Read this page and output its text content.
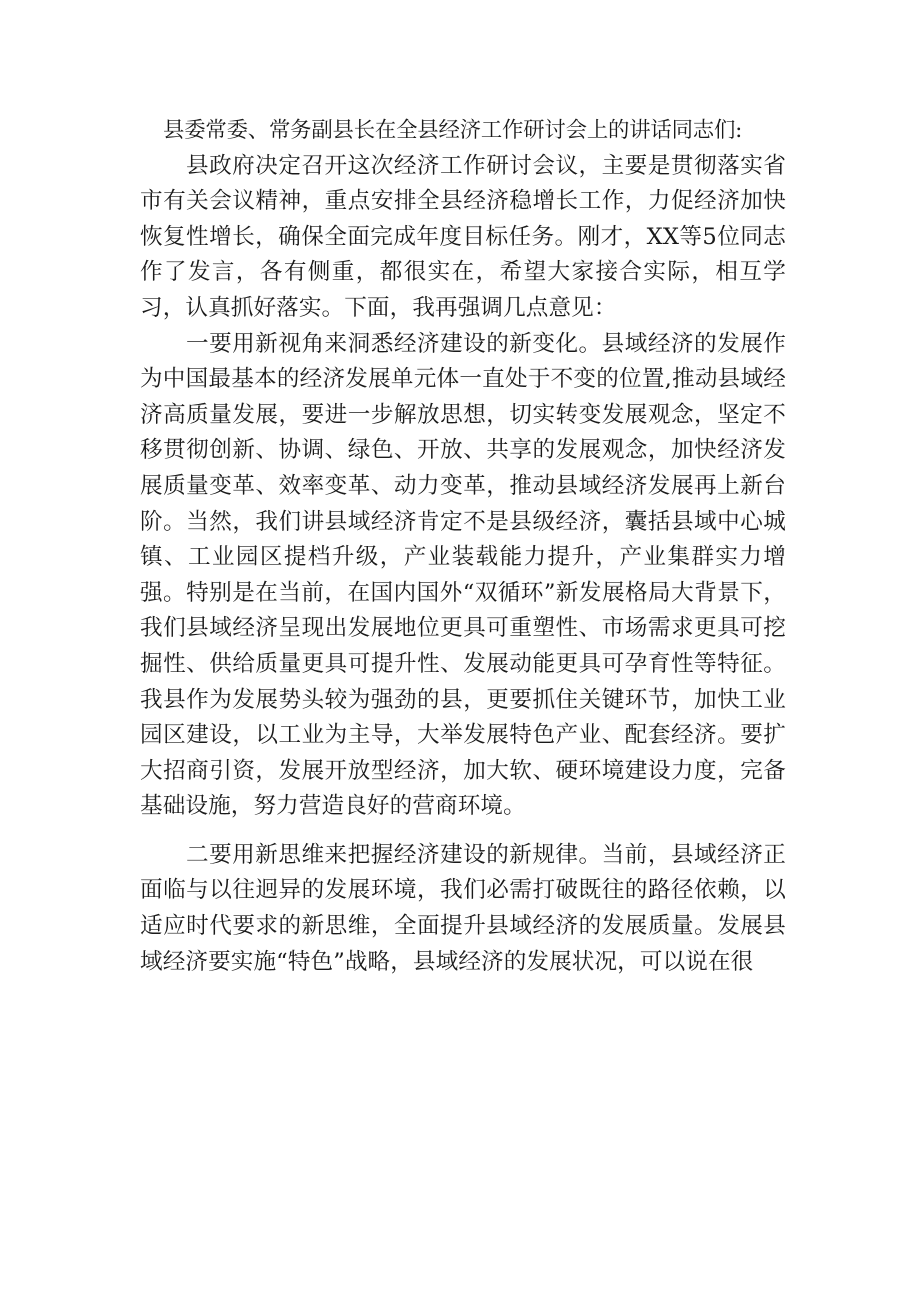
县委常委、常务副县长在全县经济工作研讨会上的讲话同志们:

县政府决定召开这次经济工作研讨会议，主要是贯彻落实省市有关会议精神，重点安排全县经济稳增长工作，力促经济加快恢复性增长，确保全面完成年度目标任务。刚才，XX等5位同志作了发言，各有侧重，都很实在，希望大家接合实际，相互学习，认真抓好落实。下面，我再强调几点意见：

一要用新视角来洞悉经济建设的新变化。县域经济的发展作为中国最基本的经济发展单元体一直处于不变的位置,推动县域经济高质量发展，要进一步解放思想，切实转变发展观念，坚定不移贯彻创新、协调、绿色、开放、共享的发展观念，加快经济发展质量变革、效率变革、动力变革，推动县域经济发展再上新台阶。当然，我们讲县域经济肯定不是县级经济，囊括县域中心城镇、工业园区提档升级，产业装载能力提升，产业集群实力增强。特别是在当前，在国内国外“双循环”新发展格局大背景下，我们县域经济呈现出发展地位更具可重塑性、市场需求更具可挖掘性、供给质量更具可提升性、发展动能更具可孕育性等特征。我县作为发展势头较为强劲的县，更要抓住关键环节，加快工业园区建设，以工业为主导，大举发展特色产业、配套经济。要扩大招商引资，发展开放型经济，加大软、硬环境建设力度，完备基础设施，努力营造良好的营商环境。

二要用新思维来把握经济建设的新规律。当前，县域经济正面临与以往迥异的发展环境，我们必需打破既往的路径依赖，以适应时代要求的新思维，全面提升县域经济的发展质量。发展县域经济要实施“特色”战略，县域经济的发展状况，可以说在很
